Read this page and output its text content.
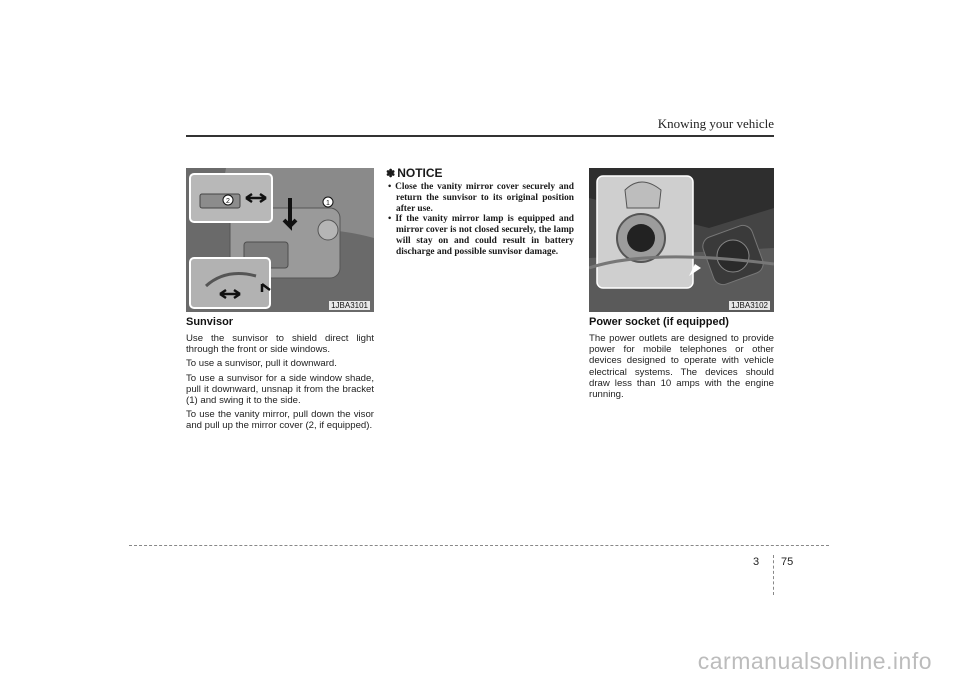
Knowing your vehicle
2	1
1JBA3101
Sunvisor

Use the sunvisor to shield direct light through the front or side windows.

To use a sunvisor, pull it downward.

To use a sunvisor for a side window shade, pull it downward, unsnap it from the bracket (1) and swing it to the side.

To use the vanity mirror, pull down the visor and pull up the mirror cover (2, if equipped).

✽ NOTICE
• Close the vanity mirror cover securely and return the sunvisor to its original position after use.
• If the vanity mirror lamp is equipped and mirror cover is not closed securely, the lamp will stay on and could result in battery discharge and possible sunvisor damage.
1JBA3102
Power socket (if equipped)

The power outlets are designed to provide power for mobile telephones or other devices designed to operate with vehicle electrical systems. The devices should draw less than 10 amps with the engine running.

3 75
carmanualsonline.info
